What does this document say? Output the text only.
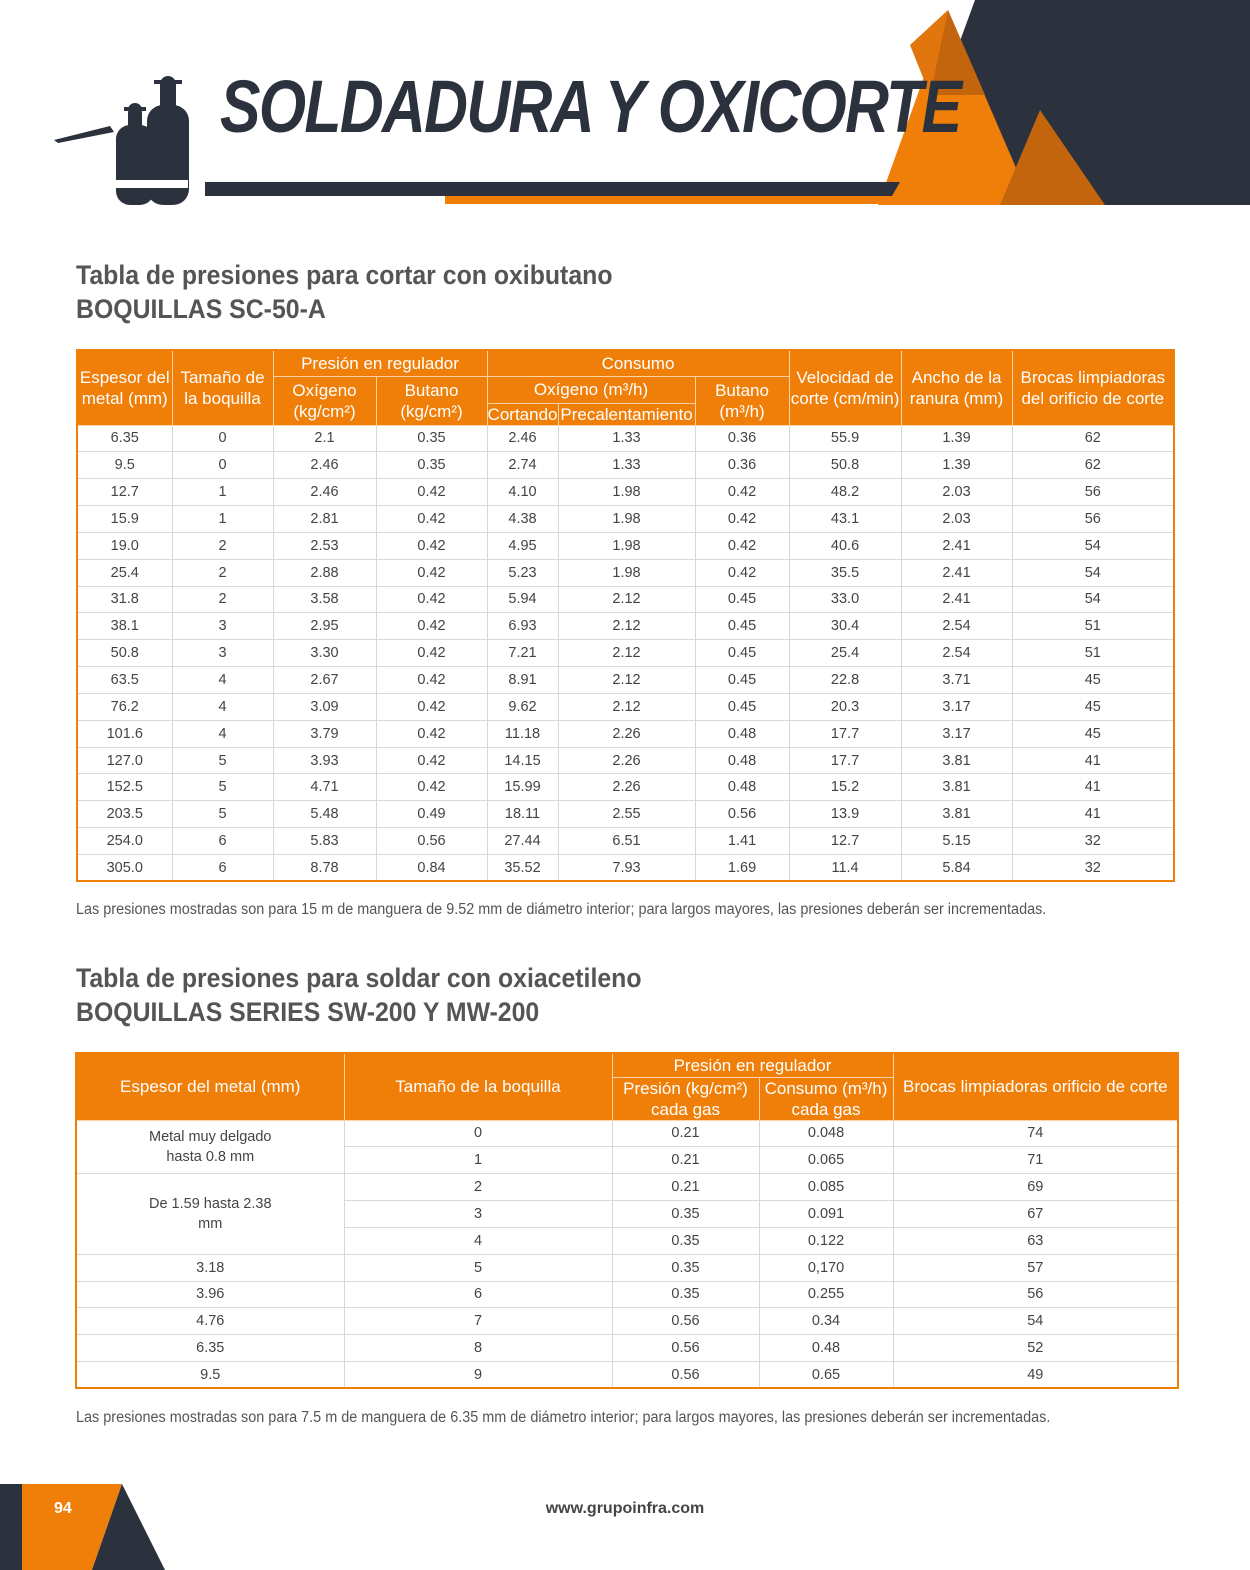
SOLDADURA Y OXICORTE
Tabla de presiones para cortar con oxibutano
BOQUILLAS SC-50-A
Espesor del metal (mm)	Tamaño de la boquilla	Presión en regulador		Consumo			Velocidad de corte (cm/min)	Ancho de la ranura (mm)	Brocas limpiadoras del orificio de corte
		Oxígeno (kg/cm²)	Butano (kg/cm²)	Oxígeno (m³/h)		Butano (m³/h)			
				Cortando	Precalentamiento				
6.35	0	2.1	0.35	2.46	1.33	0.36	55.9	1.39	62
9.5	0	2.46	0.35	2.74	1.33	0.36	50.8	1.39	62
12.7	1	2.46	0.42	4.10	1.98	0.42	48.2	2.03	56
15.9	1	2.81	0.42	4.38	1.98	0.42	43.1	2.03	56
19.0	2	2.53	0.42	4.95	1.98	0.42	40.6	2.41	54
25.4	2	2.88	0.42	5.23	1.98	0.42	35.5	2.41	54
31.8	2	3.58	0.42	5.94	2.12	0.45	33.0	2.41	54
38.1	3	2.95	0.42	6.93	2.12	0.45	30.4	2.54	51
50.8	3	3.30	0.42	7.21	2.12	0.45	25.4	2.54	51
63.5	4	2.67	0.42	8.91	2.12	0.45	22.8	3.71	45
76.2	4	3.09	0.42	9.62	2.12	0.45	20.3	3.17	45
101.6	4	3.79	0.42	11.18	2.26	0.48	17.7	3.17	45
127.0	5	3.93	0.42	14.15	2.26	0.48	17.7	3.81	41
152.5	5	4.71	0.42	15.99	2.26	0.48	15.2	3.81	41
203.5	5	5.48	0.49	18.11	2.55	0.56	13.9	3.81	41
254.0	6	5.83	0.56	27.44	6.51	1.41	12.7	5.15	32
305.0	6	8.78	0.84	35.52	7.93	1.69	11.4	5.84	32
Las presiones mostradas son para 15 m de manguera de 9.52 mm de diámetro interior; para largos mayores, las presiones deberán ser incrementadas.
Tabla de presiones para soldar con oxiacetileno
BOQUILLAS SERIES SW-200 Y MW-200
Espesor del metal (mm)	Tamaño de la boquilla	Presión en regulador		Brocas limpiadoras orificio de corte
		Presión (kg/cm²) cada gas	Consumo (m³/h) cada gas	
Metal muy delgado hasta 0.8 mm	0	0.21	0.048	74
	1	0.21	0.065	71
De 1.59 hasta 2.38 mm	2	0.21	0.085	69
	3	0.35	0.091	67
	4	0.35	0.122	63
3.18	5	0.35	0,170	57
3.96	6	0.35	0.255	56
4.76	7	0.56	0.34	54
6.35	8	0.56	0.48	52
9.5	9	0.56	0.65	49
Las presiones mostradas son para 7.5 m de manguera de 6.35 mm de diámetro interior; para largos mayores, las presiones deberán ser incrementadas.
94	www.grupoinfra.com
